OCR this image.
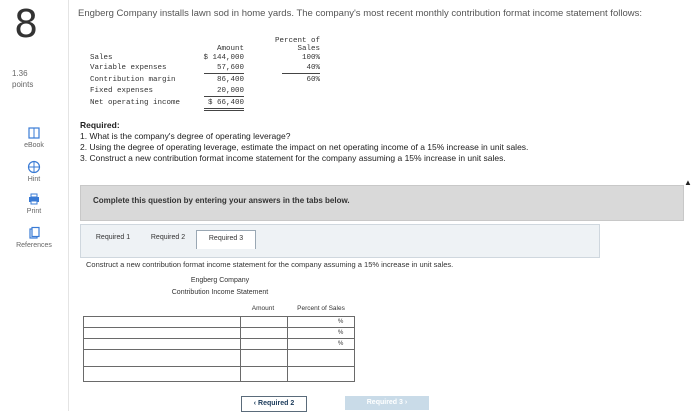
8
1.36
points
eBook
Hint
Print
References
Engberg Company installs lawn sod in home yards. The company's most recent monthly contribution format income statement follows:
Amount
Percent of
Sales
Sales	$ 144,000	100%
Variable expenses	57,600	40%
Contribution margin	86,400	60%
Fixed expenses	20,000
Net operating income	$ 66,400
Required:
1. What is the company's degree of operating leverage?
2. Using the degree of operating leverage, estimate the impact on net operating income of a 15% increase in unit sales.
3. Construct a new contribution format income statement for the company assuming a 15% increase in unit sales.
Complete this question by entering your answers in the tabs below.
Required 1	Required 2	Required 3
Construct a new contribution format income statement for the company assuming a 15% increase in unit sales.
Engberg Company
Contribution Income Statement
Amount	Percent of Sales
%
%
%
‹ Required 2	Required 3 ›
▲
